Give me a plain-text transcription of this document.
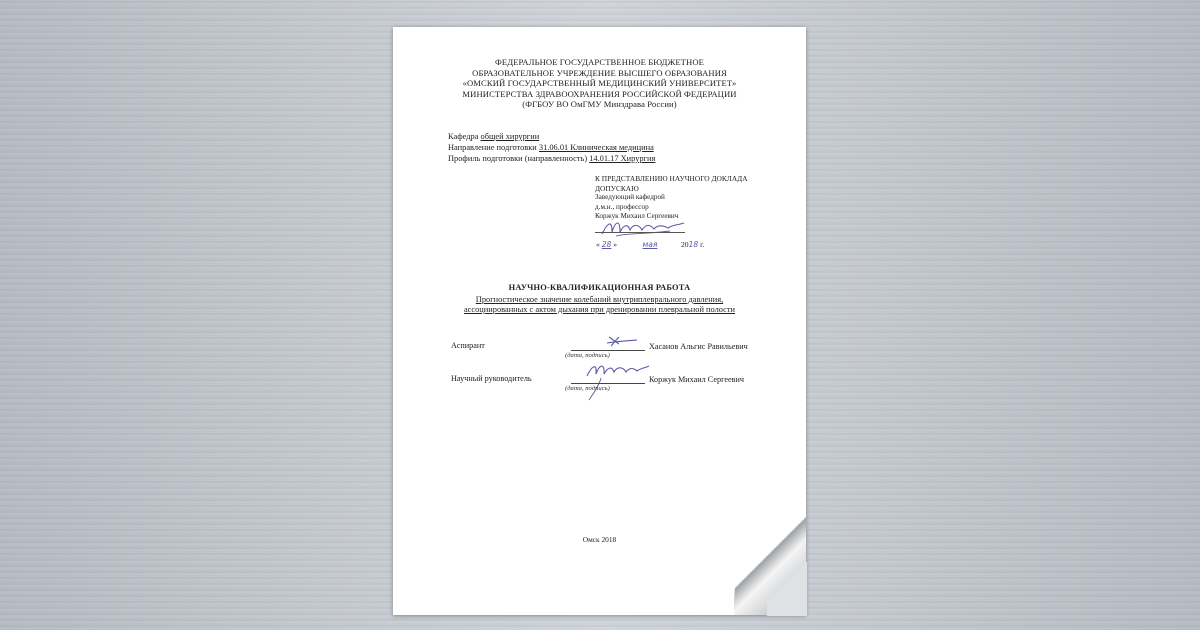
ФЕДЕРАЛЬНОЕ ГОСУДАРСТВЕННОЕ БЮДЖЕТНОЕ
ОБРАЗОВАТЕЛЬНОЕ УЧРЕЖДЕНИЕ ВЫСШЕГО ОБРАЗОВАНИЯ
«ОМСКИЙ ГОСУДАРСТВЕННЫЙ МЕДИЦИНСКИЙ УНИВЕРСИТЕТ»
МИНИСТЕРСТВА ЗДРАВООХРАНЕНИЯ РОССИЙСКОЙ ФЕДЕРАЦИИ
(ФГБОУ ВО ОмГМУ Минздрава России)
Кафедра общей хирургии
Направление подготовки 31.06.01 Клиническая медицина
Профиль подготовки (направленность) 14.01.17 Хирургия
К ПРЕДСТАВЛЕНИЮ НАУЧНОГО ДОКЛАДА
ДОПУСКАЮ
Заведующий кафедрой
д.м.н., профессор
Коржук Михаил Сергеевич
« 28 »	мая	2018 г.
НАУЧНО-КВАЛИФИКАЦИОННАЯ РАБОТА
Прогностическое значение колебаний внутриплеврального давления,
ассоциированных с актом дыхания при дренировании плевральной полости
Аспирант	Хасанов Альгис Равильевич
(дата, подпись)
Научный руководитель	Коржук Михаил Сергеевич
(дата, подпись)
Омск 2018
